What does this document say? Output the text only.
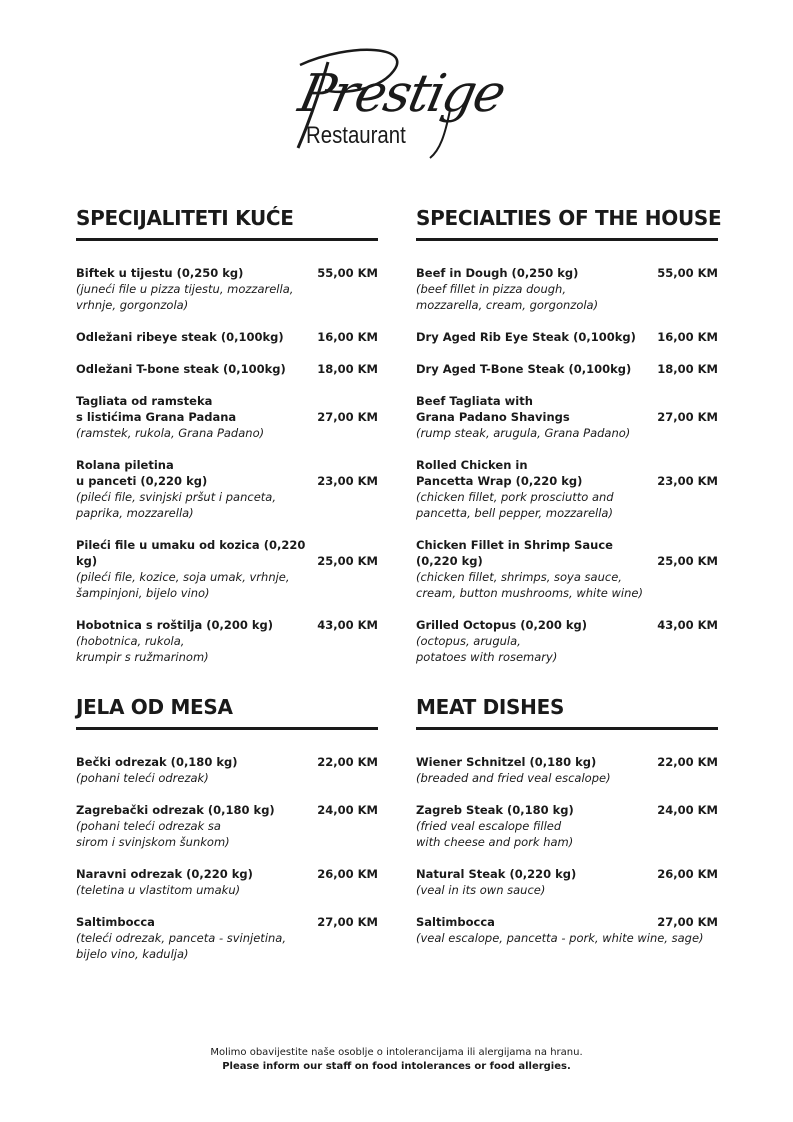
Prestige
Restaurant
SPECIJALITETI KUĆE
Biftek u tijestu (0,250 kg)	55,00 KM
(juneći file u pizza tijestu, mozzarella,
vrhnje, gorgonzola)
Odležani ribeye steak (0,100kg)	16,00 KM
Odležani T-bone steak (0,100kg)	18,00 KM
Tagliata od ramsteka
s listićima Grana Padana	27,00 KM
(ramstek, rukola, Grana Padano)
Rolana piletina
u panceti (0,220 kg)	23,00 KM
(pileći file, svinjski pršut i panceta,
paprika, mozzarella)
Pileći file u umaku od kozica (0,220 kg)	25,00 KM
(pileći file, kozice, soja umak, vrhnje,
šampinjoni, bijelo vino)
Hobotnica s roštilja (0,200 kg)	43,00 KM
(hobotnica, rukola,
krumpir s ružmarinom)
SPECIALTIES OF THE HOUSE
Beef in Dough (0,250 kg)	55,00 KM
(beef fillet in pizza dough,
mozzarella, cream, gorgonzola)
Dry Aged Rib Eye Steak (0,100kg)	16,00 KM
Dry Aged T-Bone Steak (0,100kg)	18,00 KM
Beef Tagliata with
Grana Padano Shavings	27,00 KM
(rump steak, arugula, Grana Padano)
Rolled Chicken in
Pancetta Wrap (0,220 kg)	23,00 KM
(chicken fillet, pork prosciutto and
pancetta, bell pepper, mozzarella)
Chicken Fillet in Shrimp Sauce (0,220 kg)	25,00 KM
(chicken fillet, shrimps, soya sauce,
cream, button mushrooms, white wine)
Grilled Octopus (0,200 kg)	43,00 KM
(octopus, arugula,
potatoes with rosemary)
JELA OD MESA
Bečki odrezak (0,180 kg)	22,00 KM
(pohani teleći odrezak)
Zagrebački odrezak (0,180 kg)	24,00 KM
(pohani teleći odrezak sa
sirom i svinjskom šunkom)
Naravni odrezak (0,220 kg)	26,00 KM
(teletina u vlastitom umaku)
Saltimbocca	27,00 KM
(teleći odrezak, panceta - svinjetina,
bijelo vino, kadulja)
MEAT DISHES
Wiener Schnitzel (0,180 kg)	22,00 KM
(breaded and fried veal escalope)
Zagreb Steak (0,180 kg)	24,00 KM
(fried veal escalope filled
with cheese and pork ham)
Natural Steak (0,220 kg)	26,00 KM
(veal in its own sauce)
Saltimbocca	27,00 KM
(veal escalope, pancetta - pork, white wine, sage)
Molimo obavijestite naše osoblje o intolerancijama ili alergijama na hranu.
Please inform our staff on food intolerances or food allergies.
